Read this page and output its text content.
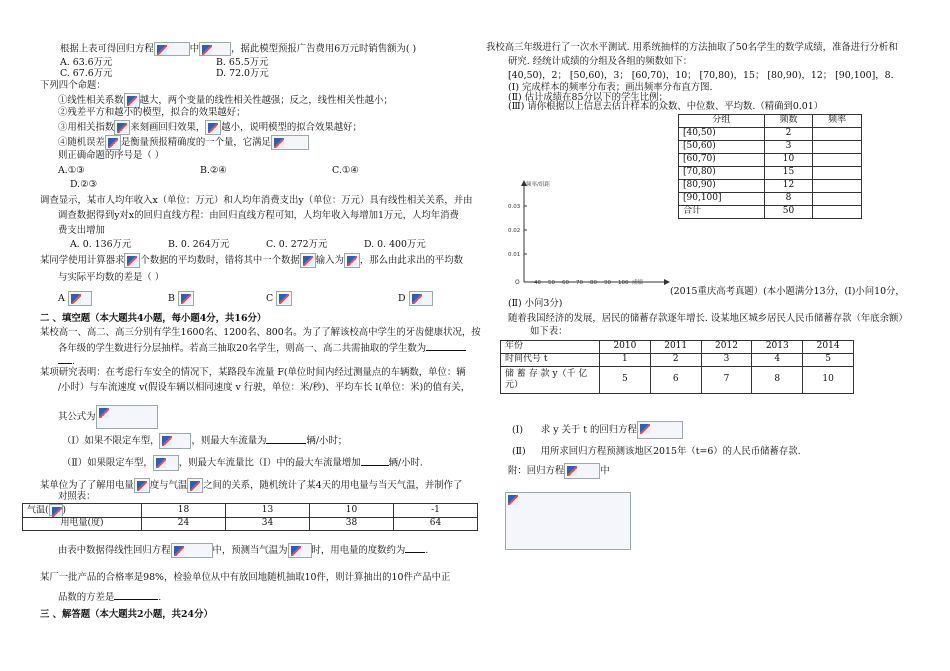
根据上表可得回归方程	中	，据此模型预报广告费用6万元时销售额为( )
A. 63.6万元	B. 65.5万元
C. 67.6万元	D. 72.0万元
下列四个命题：
①线性相关系数 越大，两个变量的线性相关性越强；反之，线性相关性越小；
②残差平方和越小的模型，拟合的效果越好；
③用相关指数 来刻画回归效果， 越小，说明模型的拟合效果越好；
④随机误差 是衡量预报精确度的一个量，它满足
则正确命题的序号是（ ）
A.①③	B.②④	C.①④
D.②③
调查显示，某市人均年收入x（单位：万元）和人均年消费支出y（单位：万元）具有线性相关关系，并由
调查数据得到y对x的回归直线方程：由回归直线方程可知，人均年收入每增加1万元，人均年消费
费支出增加
A. 0. 136万元	B. 0. 264万元	C. 0. 272万元	D. 0. 400万元
某同学使用计算器求 个数据的平均数时，错将其中一个数据 输入为 ，那么由此求出的平均数
与实际平均数的差是（ ）
A	B	C	D
二 、填空题（本大题共4小题，每小题4分，共16分）
某校高一、高二、高三分别有学生1600名、1200名、800名。为了了解该校高中学生的牙齿健康状况，按
各年级的学生数进行分层抽样。若高三抽取20名学生，则高一、高二共需抽取的学生数为
.
某项研究表明：在考虑行车安全的情况下，某路段车流量 F(单位时间内经过测量点的车辆数，单位：辆
/小时）与车流速度 v(假设车辆以相同速度 v 行驶，单位：米/秒)、平均车长 l(单位：米)的值有关，
其公式为
（Ⅰ）如果不限定车型，	，则最大车流量为	辆/小时；
（Ⅱ）如果限定车型，	，则最大车流量比（Ⅰ）中的最大车流量增加	辆/小时.
某单位为了了解用电量 度与气温 之间的关系，随机统计了某4天的用电量与当天气温，并制作了
对照表：
气温( )	18	13	10	-1
用电量(度)	24	34	38	64
由表中数据得线性回归方程	中，预测当气温为	时，用电量的度数约为 .
某厂一批产品的合格率是98%，检验单位从中有放回地随机抽取10件，则计算抽出的10件产品中正
品数的方差是	.
三 、解答题（本大题共2小题，共24分）
我校高三年级进行了一次水平测试. 用系统抽样的方法抽取了50名学生的数学成绩，准备进行分析和
研究. 经统计成绩的分组及各组的频数如下：
[40,50)，2； [50,60)，3； [60,70)，10； [70,80)，15； [80,90)，12； [90,100]，8.
(Ⅰ) 完成样本的频率分布表；画出频率分布直方图.
(Ⅱ) 估计成绩在85分以下的学生比例；
(Ⅲ) 请你根据以上信息去估计样本的众数、中位数、平均数.（精确到0.01）
分组	频数	频率
[40,50)	2	
[50,60)	3	
[60,70)	10	
[70,80)	15	
[80,90)	12	
[90,100]	8	
合计	50	
频率/组距
0.03
0.02
0.01
O	40 50 60 70 80 90 100 成绩
(2015重庆高考真题）(本小题满分13分，(Ⅰ)小问10分，
(Ⅱ) 小问3分)
随着我国经济的发展，居民的储蓄存款逐年增长. 设某地区城乡居民人民币储蓄存款（年底余额）
如下表：
年份	2010	2011	2012	2013	2014
时间代号 t	1	2	3	4	5

储 蓄 存 款 y（千 亿
元）	5	6	7	8	10
(Ⅰ) 求 y 关于 t 的回归方程
(Ⅱ) 用所求回归方程预测该地区2015年（t=6）的人民币储蓄存款.
附：回归方程	中
